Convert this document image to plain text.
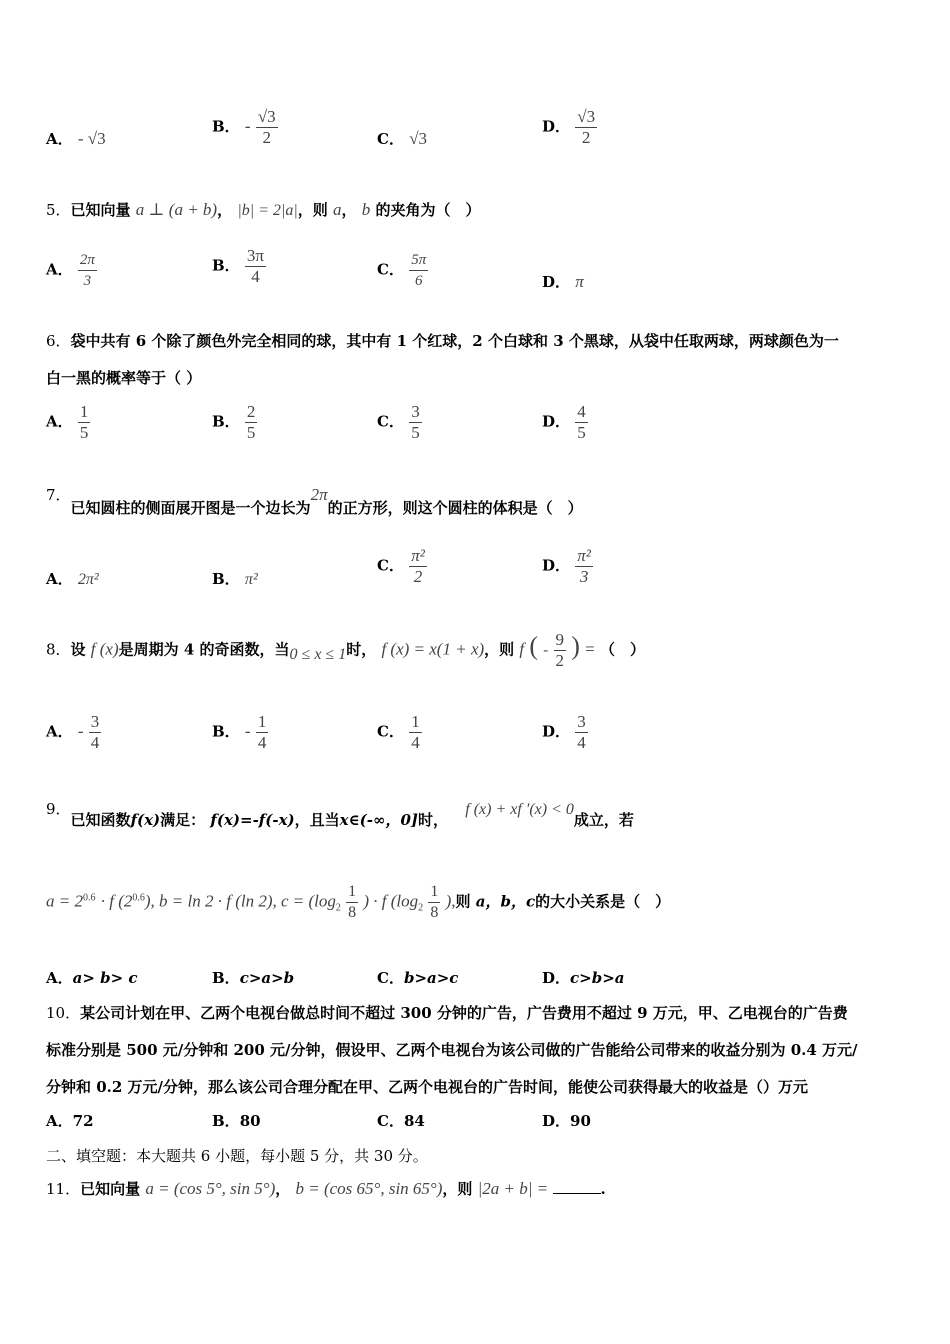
A． - √3
B． - $\frac{√3}{2}$	C． √3
D． $\frac{√3}{2}$
5．已知向量 a ⊥ (a + b)， |b| = 2|a|，则 a， b 的夹角为（　）
A． $\frac{2\pi}{3}$	B． $\frac{3\pi}{4}$	C． $\frac{5\pi}{6}$	D． π
6．袋中共有 6 个除了颜色外完全相同的球，其中有 1 个红球，2 个白球和 3 个黑球，从袋中任取两球，两球颜色为一
白一黑的概率等于（ ）
A． $\frac{1}{5}$	B． $\frac{2}{5}$	C． $\frac{3}{5}$	D． $\frac{4}{5}$
7．已知圆柱的侧面展开图是一个边长为2π的正方形，则这个圆柱的体积是（　）
A． 2π²	B． π²
C． $\frac{\text{π²}}{2}$	D． $\frac{\text{π²}}{3}$
8．设 f (x)是周期为 4 的奇函数，当0 ≤ x ≤ 1时， f (x) = x(1 + x)，则 f ( - $\frac{9}{2}$ ) = （　）
A． - $\frac{3}{4}$	B． - $\frac{1}{4}$	C． $\frac{1}{4}$	D． $\frac{3}{4}$
9．已知函数f(x)满足： f(x)=-f(-x)，且当x∈(-∞，0]时， f (x) + xf ′(x) < 0成立，若
$a = 2^{0.6} \cdot f$ $(2^{0.6})$, b = ln 2 · f (ln 2), $c = (\log_2 \frac{1}{8}$ ) · f ($\log_2 \frac{1}{8}$ ),则 a，b，c的大小关系是（　）
A．a> b> c	B．c>a>b	C．b>a>c	D．c>b>a
10．某公司计划在甲、乙两个电视台做总时间不超过 300 分钟的广告，广告费用不超过 9 万元，甲、乙电视台的广告费
标准分别是 500 元/分钟和 200 元/分钟，假设甲、乙两个电视台为该公司做的广告能给公司带来的收益分别为 0.4 万元/
分钟和 0.2 万元/分钟，那么该公司合理分配在甲、乙两个电视台的广告时间，能使公司获得最大的收益是（）万元
A．72	B．80	C．84	D．90
二、填空题：本大题共 6 小题，每小题 5 分，共 30 分。
11．已知向量 a = (cos 5°, sin 5°)， b = (cos 65°, sin 65°)，则 |2a + b| =	.
